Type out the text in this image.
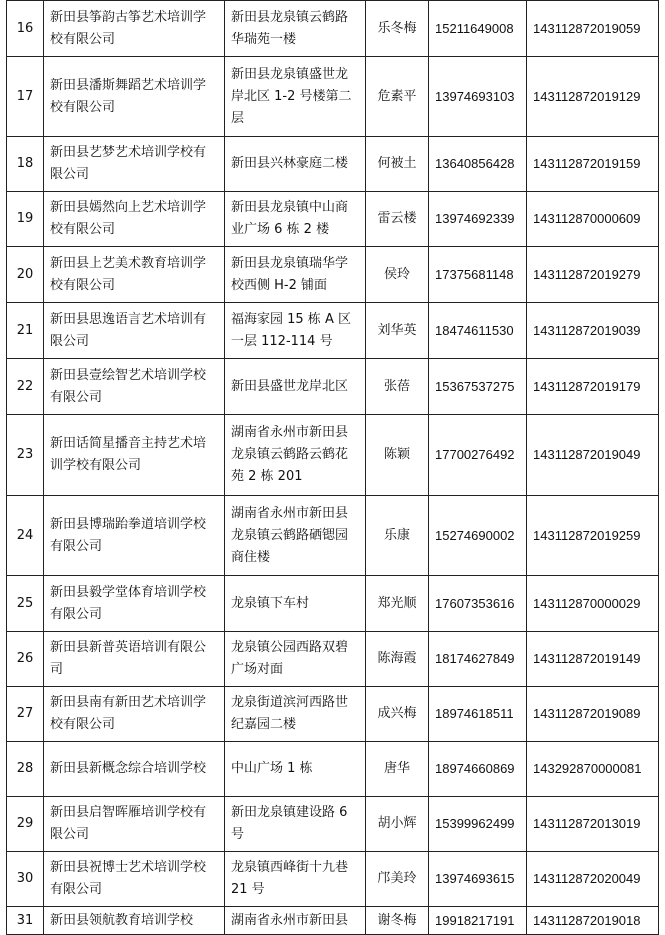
16	新田县筝韵古筝艺术培训学校有限公司	新田县龙泉镇云鹤路华瑞苑一楼	乐冬梅	15211649008	143112872019059
17	新田县潘斯舞蹈艺术培训学校有限公司	新田县龙泉镇盛世龙岸北区 1-2 号楼第二层	危素平	13974693103	143112872019129
18	新田县艺梦艺术培训学校有限公司	新田县兴林豪庭二楼	何被土	13640856428	143112872019159
19	新田县嫣然向上艺术培训学校有限公司	新田县龙泉镇中山商业广场 6 栋 2 楼	雷云楼	13974692339	143112870000609
20	新田县上艺美术教育培训学校有限公司	新田县龙泉镇瑞华学校西侧 H-2 铺面	侯玲	17375681148	143112872019279
21	新田县思逸语言艺术培训有限公司	福海家园 15 栋 A 区一层 112-114 号	刘华英	18474611530	143112872019039
22	新田县壹绘智艺术培训学校有限公司	新田县盛世龙岸北区	张蓓	15367537275	143112872019179
23	新田话简星播音主持艺术培训学校有限公司	湖南省永州市新田县龙泉镇云鹤路云鹤花苑 2 栋 201	陈颖	17700276492	143112872019049
24	新田县博瑞跆拳道培训学校有限公司	湖南省永州市新田县龙泉镇云鹤路硒锶园商住楼	乐康	15274690002	143112872019259
25	新田县毅学堂体育培训学校有限公司	龙泉镇下车村	郑光顺	17607353616	143112870000029
26	新田县新普英语培训有限公司	龙泉镇公园西路双碧广场对面	陈海霞	18174627849	143112872019149
27	新田县南有新田艺术培训学校有限公司	龙泉街道滨河西路世纪嘉园二楼	成兴梅	18974618511	143112872019089
28	新田县新概念综合培训学校	中山广场 1 栋	唐华	18974660869	143292870000081
29	新田县启智晖雁培训学校有限公司	新田龙泉镇建设路 6 号	胡小辉	15399962499	143112872013019
30	新田县祝博士艺术培训学校有限公司	龙泉镇西峰街十九巷 21 号	邝美玲	13974693615	143112872020049
31	新田县领航教育培训学校	湖南省永州市新田县	谢冬梅	19918217191	143112872019018
